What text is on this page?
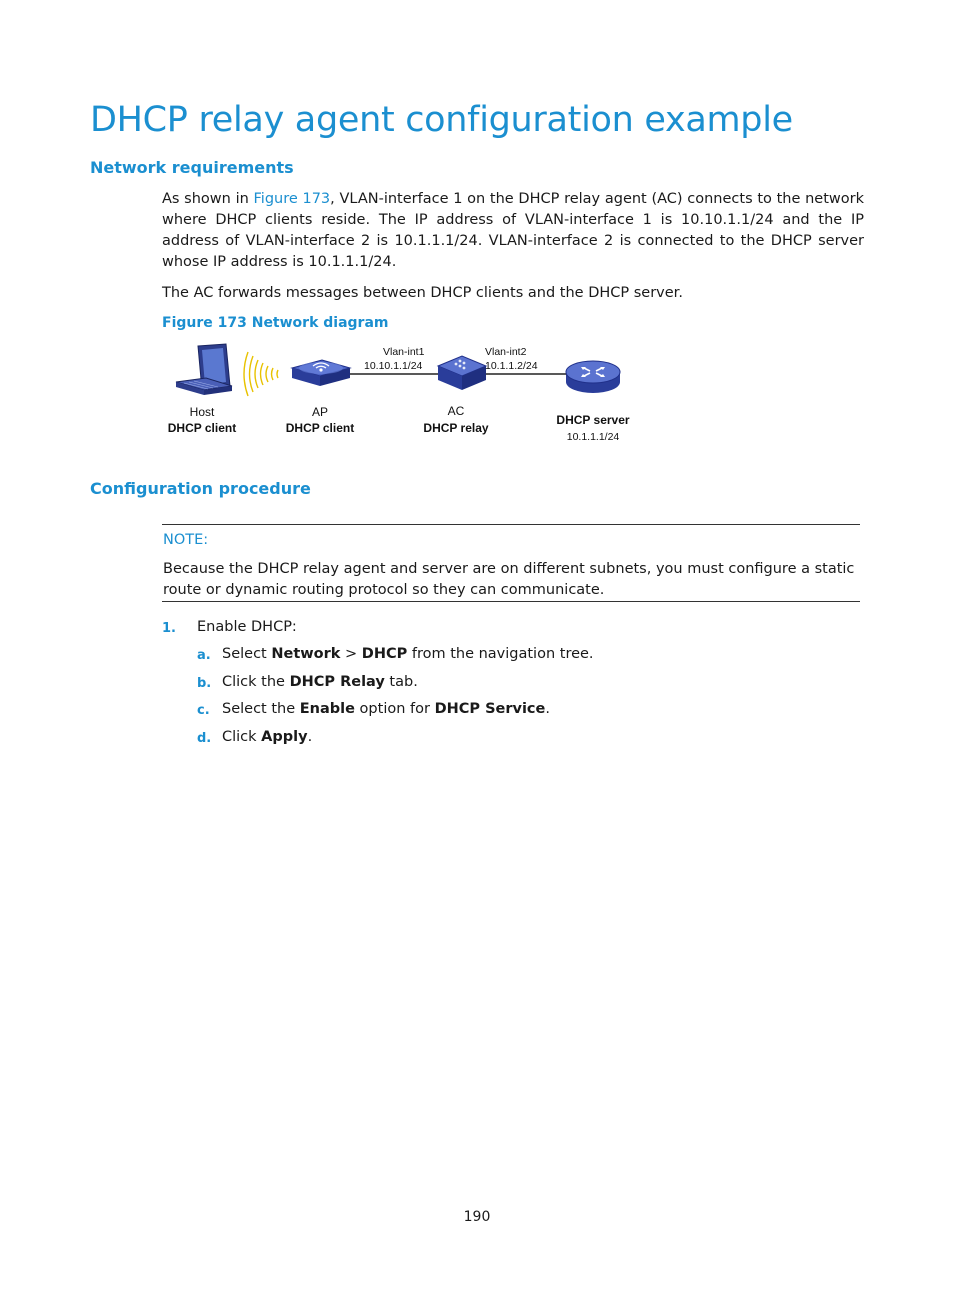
DHCP relay agent configuration example
Network requirements
As shown in Figure 173, VLAN-interface 1 on the DHCP relay agent (AC) connects to the network where DHCP clients reside. The IP address of VLAN-interface 1 is 10.10.1.1/24 and the IP address of VLAN-interface 2 is 10.1.1.1/24. VLAN-interface 2 is connected to the DHCP server whose IP address is 10.1.1.1/24.
The AC forwards messages between DHCP clients and the DHCP server.
Figure 173 Network diagram
Vlan-int1
10.10.1.1/24
Vlan-int2
10.1.1.2/24
Host
DHCP client
AP
DHCP client
AC
DHCP relay
DHCP server
10.1.1.1/24
Configuration procedure
NOTE:
Because the DHCP relay agent and server are on different subnets, you must configure a static route or dynamic routing protocol so they can communicate.
1. Enable DHCP:
a. Select Network > DHCP from the navigation tree.
b. Click the DHCP Relay tab.
c. Select the Enable option for DHCP Service.
d. Click Apply.
190
